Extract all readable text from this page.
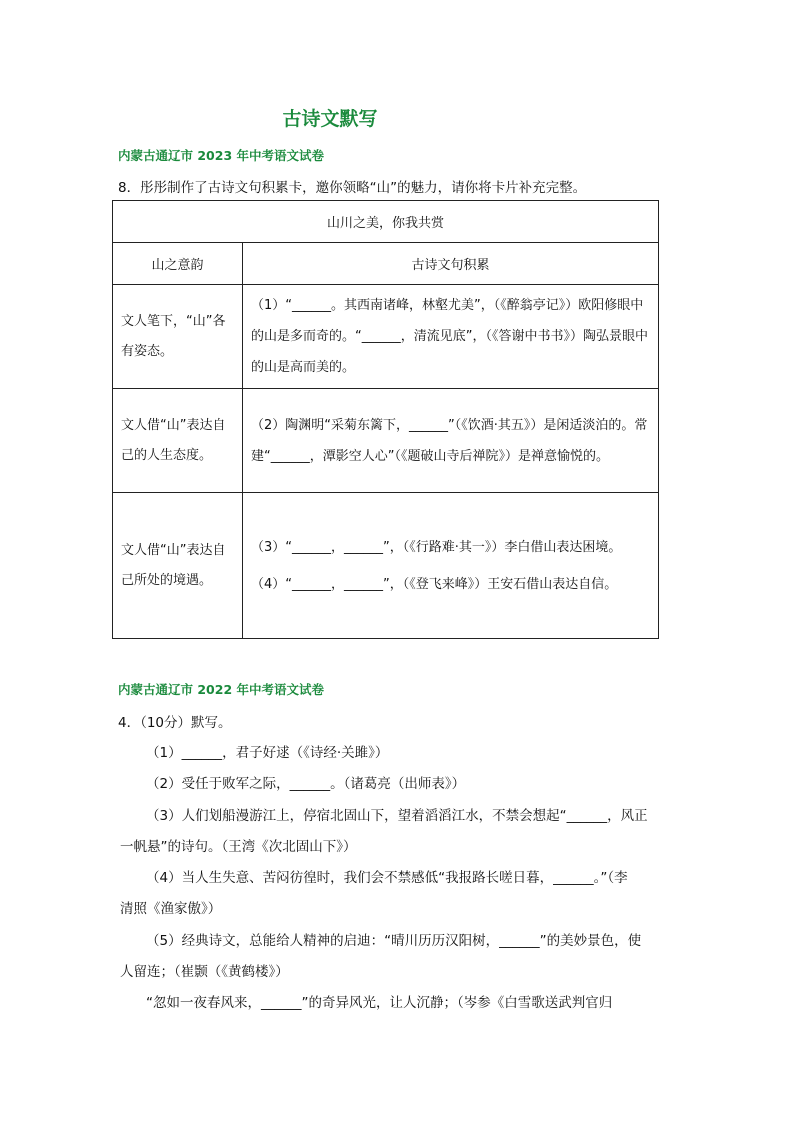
古诗文默写
内蒙古通辽市 2023 年中考语文试卷
8．彤彤制作了古诗文句积累卡，邀你领略“山”的魅力，请你将卡片补充完整。
山川之美，你我共赏	
山之意韵	古诗文句积累
文人笔下，“山”各有姿态。	（1）“______。其西南诸峰，林壑尤美”，（《醉翁亭记》）欧阳修眼中的山是多而奇的。“______，清流见底”，（《答谢中书书》）陶弘景眼中的山是高而美的。

文人借“山”表达自己的人生态度。	（2）陶渊明“采菊东篱下，______”（《饮酒·其五》）是闲适淡泊的。常建“______，潭影空人心”（《题破山寺后禅院》）是禅意愉悦的。

文人借“山”表达自己所处的境遇。	（3）“______，______”，（《行路难·其一》）李白借山表达困境。

（4）“______，______”，（《登飞来峰》）王安石借山表达自信。

内蒙古通辽市 2022 年中考语文试卷
4．（10分）默写。
（1）______，君子好逑（《诗经·关雎》）
（2）受任于败军之际，______。（诸葛亮（出师表》）
（3）人们划船漫游江上，停宿北固山下，望着滔滔江水，不禁会想起“______，风正
一帆悬”的诗句。（王湾《次北固山下》）
（4）当人生失意、苦闷彷徨时，我们会不禁感低“我报路长嗟日暮，______。”（李
清照《渔家傲》）
（5）经典诗文，总能给人精神的启迪：“晴川历历汉阳树，______”的美妙景色，使
人留连；（崔颢（《黄鹤楼》）
“忽如一夜春风来，______”的奇异风光，让人沉静；（岑参《白雪歌送武判官归
